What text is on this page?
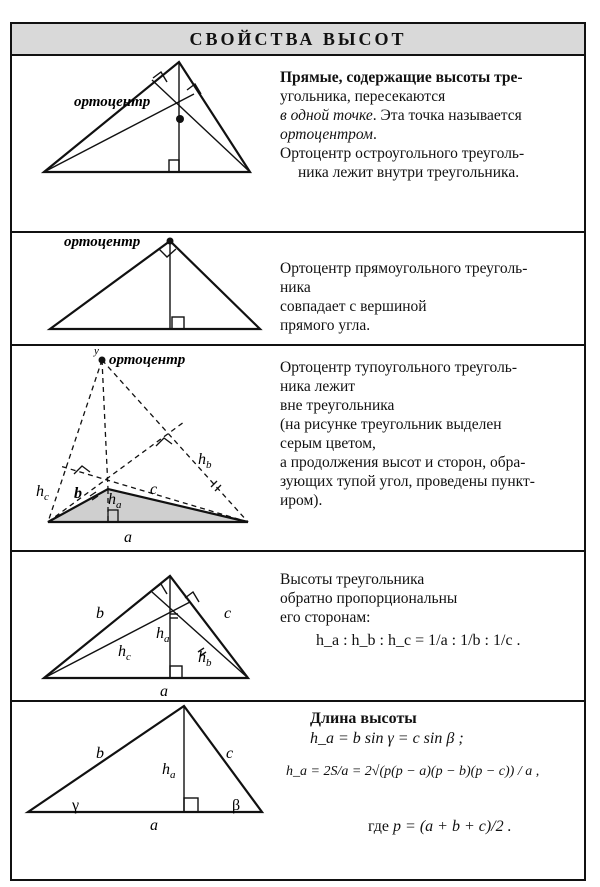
СВОЙСТВА ВЫСОТ
ортоцентр

Прямые, содержащие высоты тре-

угольника, пересекаются

в одной точке. Эта точка называется

ортоцентром.

Ортоцентр остроугольного треуголь-

ника лежит внутри треугольника.

ортоцентр

Ортоцентр прямоугольного треуголь-

ника

совпадает с вершиной

прямого угла.

y
ортоцентр
$h_c$ b $h_a$
c
$h_b$
a

Ортоцентр тупоугольного треуголь-

ника лежит

вне треугольника

(на рисунке треугольник выделен

серым цветом,

а продолжения высот и сторон, обра-

зующих тупой угол, проведены пункт-

иром).

b	c
$h_a$
$h_c$	$h_b$
a

Высоты треугольника

обратно пропорциональны

его сторонам:

h_a : h_b : h_c = 1/a : 1/b : 1/c .
b	c
$h_a$
γ	β
a
Длина высоты
h_a = b sin γ = c sin β ;
h_a = 2S/a = 2√(p(p − a)(p − b)(p − c)) / a ,
где p = (a + b + c)/2 .
